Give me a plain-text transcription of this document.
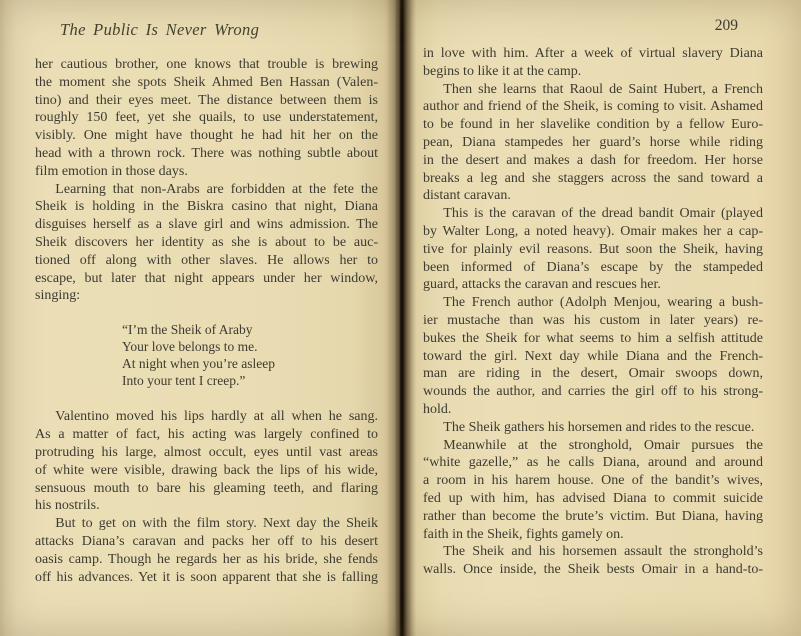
The Public Is Never Wrong
her cautious brother, one knows that trouble is brewing
the moment she spots Sheik Ahmed Ben Hassan (Valen-
tino) and their eyes meet. The distance between them is
roughly 150 feet, yet she quails, to use understatement,
visibly. One might have thought he had hit her on the
head with a thrown rock. There was nothing subtle about
film emotion in those days.
Learning that non-Arabs are forbidden at the fete the
Sheik is holding in the Biskra casino that night, Diana
disguises herself as a slave girl and wins admission. The
Sheik discovers her identity as she is about to be auc-
tioned off along with other slaves. He allows her to
escape, but later that night appears under her window,
singing:
“I’m the Sheik of Araby
Your love belongs to me.
At night when you’re asleep
Into your tent I creep.”
Valentino moved his lips hardly at all when he sang.
As a matter of fact, his acting was largely confined to
protruding his large, almost occult, eyes until vast areas
of white were visible, drawing back the lips of his wide,
sensuous mouth to bare his gleaming teeth, and flaring
his nostrils.
But to get on with the film story. Next day the Sheik
attacks Diana’s caravan and packs her off to his desert
oasis camp. Though he regards her as his bride, she fends
off his advances. Yet it is soon apparent that she is falling
209
in love with him. After a week of virtual slavery Diana
begins to like it at the camp.
Then she learns that Raoul de Saint Hubert, a French
author and friend of the Sheik, is coming to visit. Ashamed
to be found in her slavelike condition by a fellow Euro-
pean, Diana stampedes her guard’s horse while riding
in the desert and makes a dash for freedom. Her horse
breaks a leg and she staggers across the sand toward a
distant caravan.
This is the caravan of the dread bandit Omair (played
by Walter Long, a noted heavy). Omair makes her a cap-
tive for plainly evil reasons. But soon the Sheik, having
been informed of Diana’s escape by the stampeded
guard, attacks the caravan and rescues her.
The French author (Adolph Menjou, wearing a bush-
ier mustache than was his custom in later years) re-
bukes the Sheik for what seems to him a selfish attitude
toward the girl. Next day while Diana and the French-
man are riding in the desert, Omair swoops down,
wounds the author, and carries the girl off to his strong-
hold.
The Sheik gathers his horsemen and rides to the rescue.
Meanwhile at the stronghold, Omair pursues the
“white gazelle,” as he calls Diana, around and around
a room in his harem house. One of the bandit’s wives,
fed up with him, has advised Diana to commit suicide
rather than become the brute’s victim. But Diana, having
faith in the Sheik, fights gamely on.
The Sheik and his horsemen assault the stronghold’s
walls. Once inside, the Sheik bests Omair in a hand-to-
